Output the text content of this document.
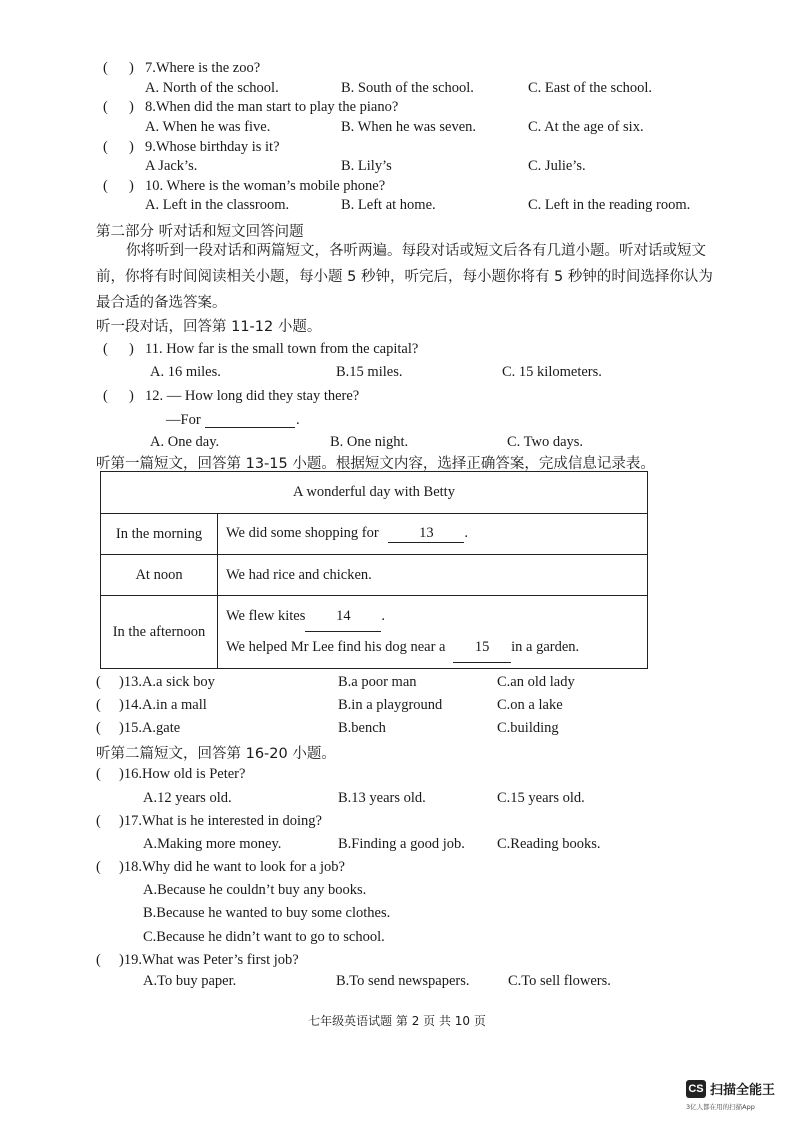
( ) 7.Where is the zoo?
A. North of the school.	B. South of the school.	C. East of the school.
( ) 8.When did the man start to play the piano?
A. When he was five.	B. When he was seven.	C. At the age of six.
( ) 9.Whose birthday is it?
A Jack’s.	B. Lily’s	C. Julie’s.
( ) 10. Where is the woman’s mobile phone?
A. Left in the classroom.	B. Left at home.	C. Left in the reading room.
第二部分 听对话和短文回答问题
你将听到一段对话和两篇短文，各听两遍。每段对话或短文后各有几道小题。听对话或短文前，你将有时间阅读相关小题，每小题 5 秒钟，听完后，每小题你将有 5 秒钟的时间选择你认为最合适的备选答案。
听一段对话，回答第 11-12 小题。
( ) 11. How far is the small town from the capital?
A. 16 miles.	B.15 miles.	C. 15 kilometers.
( ) 12. — How long did they stay there?
—For	.
A. One day.	B. One night.	C. Two days.
听第一篇短文，回答第 13-15 小题。根据短文内容，选择正确答案，完成信息记录表。
A wonderful day with Betty	
In the morning	We did some shopping for 13 .
At noon	We had rice and chicken.
In the afternoon	We flew kites 14 .
We helped Mr Lee find his dog near a 15 in a garden.
( )13.A.a sick boy	B.a poor man	C.an old lady
( )14.A.in a mall	B.in a playground	C.on a lake
( )15.A.gate	B.bench	C.building
听第二篇短文，回答第 16-20 小题。
( )16.How old is Peter?
A.12 years old.	B.13 years old.	C.15 years old.
( )17.What is he interested in doing?
A.Making more money.	B.Finding a good job. C.Reading books.
( )18.Why did he want to look for a job?
A.Because he couldn’t buy any books.
B.Because he wanted to buy some clothes.
C.Because he didn’t want to go to school.
( )19.What was Peter’s first job?
A.To buy paper.	B.To send newspapers.	C.To sell flowers.
七年级英语试题 第 2 页 共 10 页
CS 扫描全能王
3亿人都在用的扫描App
